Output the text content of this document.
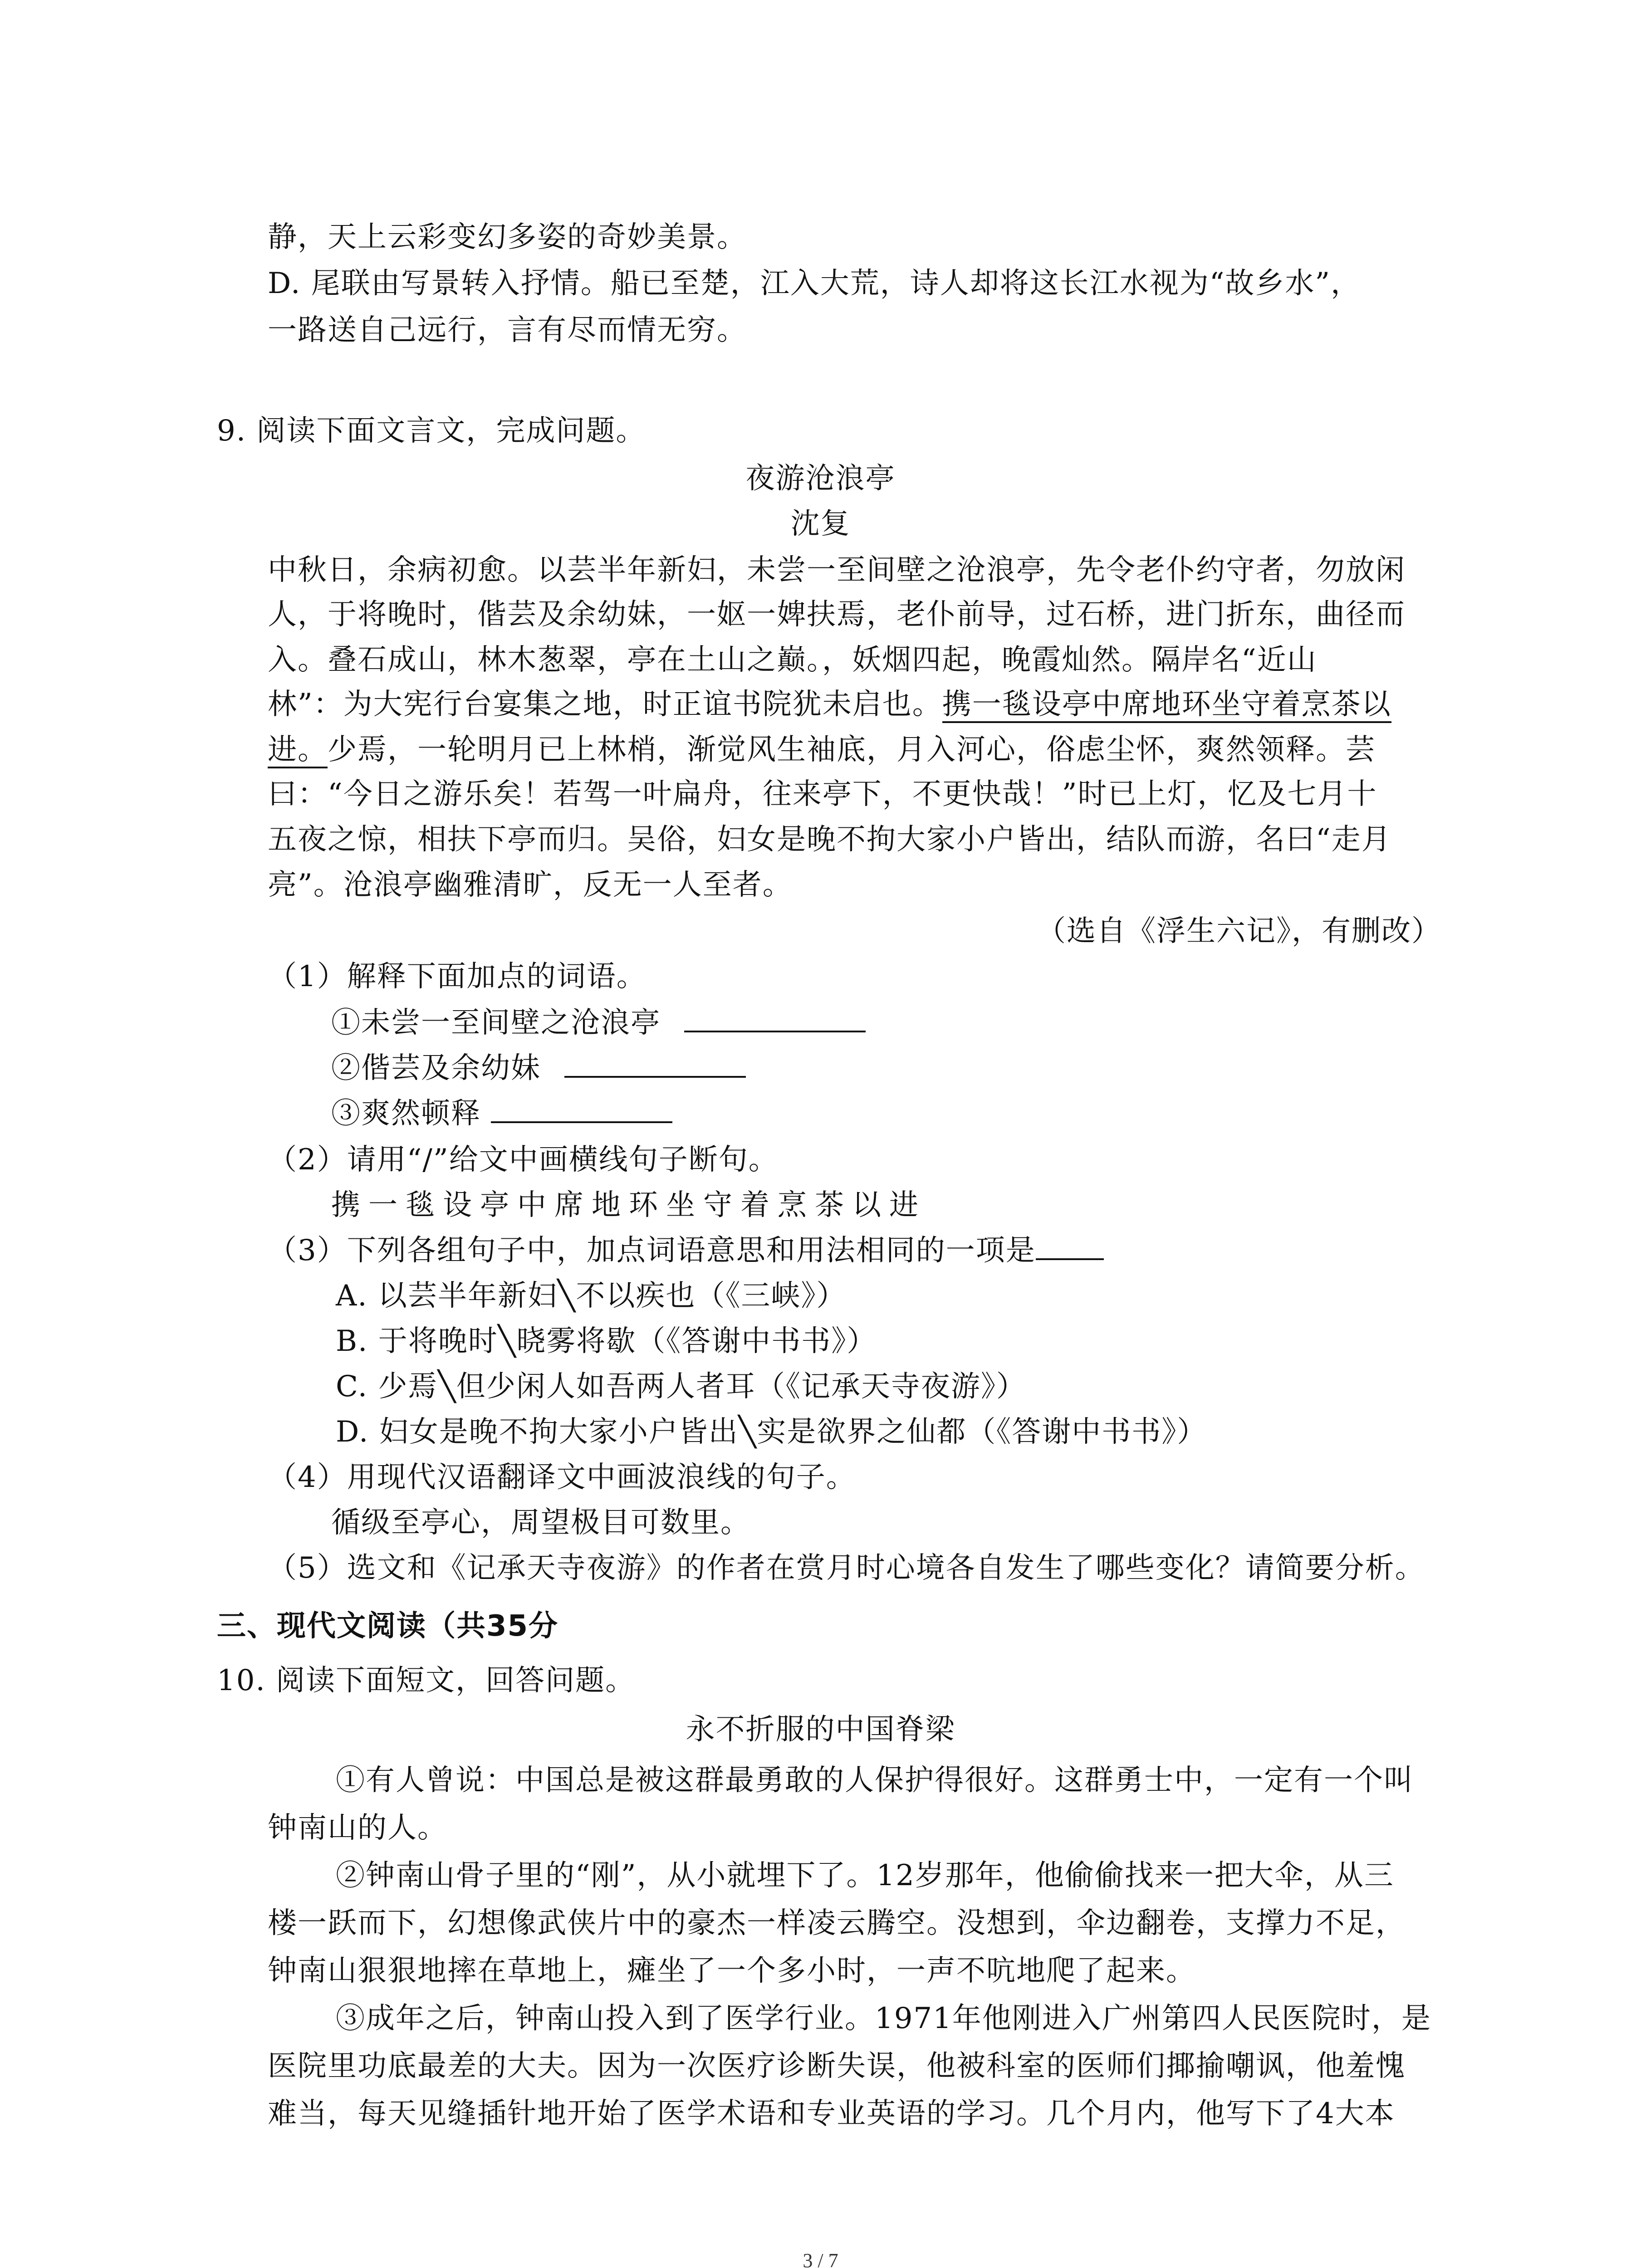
静，天上云彩变幻多姿的奇妙美景。
D. 尾联由写景转入抒情。船已至楚，江入大荒，诗人却将这长江水视为“故乡水”，
一路送自己远行，言有尽而情无穷。
9. 阅读下面文言文，完成问题。
夜游沧浪亭
沈复
中秋日，余病初愈。以芸半年新妇，未尝一至间壁之沧浪亭，先令老仆约守者，勿放闲
人，于将晚时，偕芸及余幼妹，一妪一婢扶焉，老仆前导，过石桥，进门折东，曲径而
入。叠石成山，林木葱翠，亭在土山之巅。，妖烟四起，晚霞灿然。隔岸名“近山
林”：为大宪行台宴集之地，时正谊书院犹未启也。携一毯设亭中席地环坐守着烹茶以
进。少焉，一轮明月已上林梢，渐觉风生袖底，月入河心，俗虑尘怀，爽然领释。芸
曰：“今日之游乐矣！若驾一叶扁舟，往来亭下，不更快哉！”时已上灯，忆及七月十
五夜之惊，相扶下亭而归。吴俗，妇女是晚不拘大家小户皆出，结队而游，名曰“走月
亮”。沧浪亭幽雅清旷，反无一人至者。
（选自《浮生六记》，有删改）
（1）解释下面加点的词语。
①未尝一至间壁之沧浪亭
②偕芸及余幼妹
③爽然顿释
（2）请用“/”给文中画横线句子断句。
携一毯设亭中席地环坐守着烹茶以进
（3）下列各组句子中，加点词语意思和用法相同的一项是
A. 以芸半年新妇╲不以疾也（《三峡》）
B. 于将晚时╲晓雾将歇（《答谢中书书》）
C. 少焉╲但少闲人如吾两人者耳（《记承天寺夜游》）
D. 妇女是晚不拘大家小户皆出╲实是欲界之仙都（《答谢中书书》）
（4）用现代汉语翻译文中画波浪线的句子。
循级至亭心，周望极目可数里。
（5）选文和《记承天寺夜游》的作者在赏月时心境各自发生了哪些变化？请简要分析。
三、现代文阅读（共35分
10. 阅读下面短文，回答问题。
永不折服的中国脊梁
①有人曾说：中国总是被这群最勇敢的人保护得很好。这群勇士中，一定有一个叫
钟南山的人。
②钟南山骨子里的“刚”，从小就埋下了。12岁那年，他偷偷找来一把大伞，从三
楼一跃而下，幻想像武侠片中的豪杰一样凌云腾空。没想到，伞边翻卷，支撑力不足，
钟南山狠狠地摔在草地上，瘫坐了一个多小时，一声不吭地爬了起来。
③成年之后，钟南山投入到了医学行业。1971年他刚进入广州第四人民医院时，是
医院里功底最差的大夫。因为一次医疗诊断失误，他被科室的医师们揶揄嘲讽，他羞愧
难当，每天见缝插针地开始了医学术语和专业英语的学习。几个月内，他写下了4大本
3 / 7
